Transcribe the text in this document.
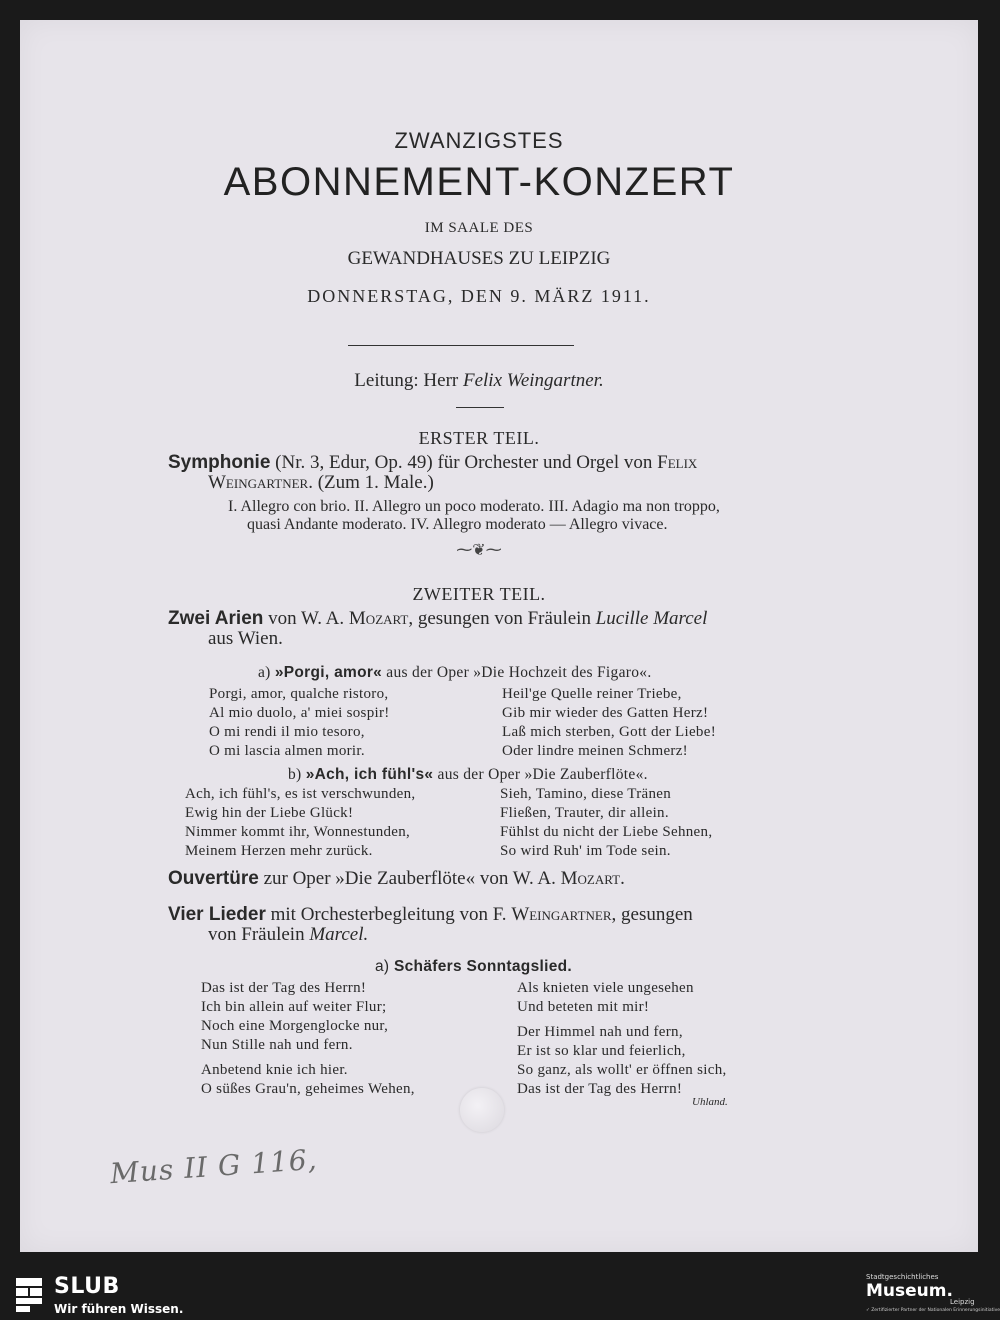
ZWANZIGSTES
ABONNEMENT-KONZERT
IM SAALE DES
GEWANDHAUSES ZU LEIPZIG
DONNERSTAG, DEN 9. MÄRZ 1911.
Leitung: Herr Felix Weingartner.
ERSTER TEIL.
Symphonie (Nr. 3, Edur, Op. 49) für Orchester und Orgel von Felix
Weingartner. (Zum 1. Male.)
I. Allegro con brio. II. Allegro un poco moderato. III. Adagio ma non troppo,
quasi Andante moderato. IV. Allegro moderato — Allegro vivace.
⁓❦⁓
ZWEITER TEIL.
Zwei Arien von W. A. Mozart, gesungen von Fräulein Lucille Marcel
aus Wien.
a) »Porgi, amor« aus der Oper »Die Hochzeit des Figaro«.
Porgi, amor, qualche ristoro,
Al mio duolo, a' miei sospir!
O mi rendi il mio tesoro,
O mi lascia almen morir.
Heil'ge Quelle reiner Triebe,
Gib mir wieder des Gatten Herz!
Laß mich sterben, Gott der Liebe!
Oder lindre meinen Schmerz!
b) »Ach, ich fühl's« aus der Oper »Die Zauberflöte«.
Ach, ich fühl's, es ist verschwunden,
Ewig hin der Liebe Glück!
Nimmer kommt ihr, Wonnestunden,
Meinem Herzen mehr zurück.
Sieh, Tamino, diese Tränen
Fließen, Trauter, dir allein.
Fühlst du nicht der Liebe Sehnen,
So wird Ruh' im Tode sein.
Ouvertüre zur Oper »Die Zauberflöte« von W. A. Mozart.
Vier Lieder mit Orchesterbegleitung von F. Weingartner, gesungen
von Fräulein Marcel.
a) Schäfers Sonntagslied.
Das ist der Tag des Herrn!
Ich bin allein auf weiter Flur;
Noch eine Morgenglocke nur,
Nun Stille nah und fern.
Anbetend knie ich hier.
O süßes Grau'n, geheimes Wehen,
Als knieten viele ungesehen
Und beteten mit mir!
Der Himmel nah und fern,
Er ist so klar und feierlich,
So ganz, als wollt' er öffnen sich,
Das ist der Tag des Herrn!
Uhland.
Mus II G 116,
SLUB
Wir führen Wissen.
Stadtgeschichtliches
Museum.
Leipzig
✓ Zertifizierter Partner der Nationalen Erinnerungsinitiative
